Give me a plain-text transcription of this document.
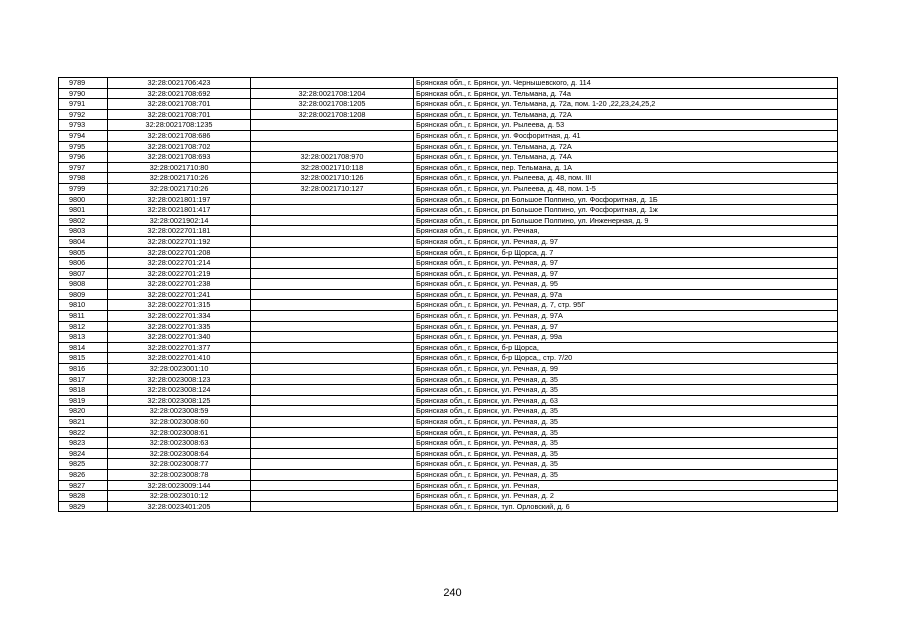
9789	32:28:0021706:423		Брянская обл., г. Брянск, ул. Чернышевского, д. 114
9790	32:28:0021708:692	32:28:0021708:1204	Брянская обл., г. Брянск, ул. Тельмана, д. 74а
9791	32:28:0021708:701	32:28:0021708:1205	Брянская обл., г. Брянск, ул. Тельмана, д. 72а, пом. 1-20 ,22,23,24,25,2
9792	32:28:0021708:701	32:28:0021708:1208	Брянская обл., г. Брянск, ул. Тельмана, д. 72А
9793	32:28:0021708:1235		Брянская обл., г. Брянск, ул. Рылеева, д. 53
9794	32:28:0021708:686		Брянская обл., г. Брянск, ул. Фосфоритная, д. 41
9795	32:28:0021708:702		Брянская обл., г. Брянск, ул. Тельмана, д. 72А
9796	32:28:0021708:693	32:28:0021708:970	Брянская обл., г. Брянск, ул. Тельмана, д. 74А
9797	32:28:0021710:80	32:28:0021710:118	Брянская обл., г. Брянск, пер. Тельмана, д. 1А
9798	32:28:0021710:26	32:28:0021710:126	Брянская обл., г. Брянск, ул. Рылеева, д. 48, пом. III
9799	32:28:0021710:26	32:28:0021710:127	Брянская обл., г. Брянск, ул. Рылеева, д. 48, пом. 1-5
9800	32:28:0021801:197		Брянская обл., г. Брянск, рп Большое Полпино, ул. Фосфоритная, д. 1Б
9801	32:28:0021801:417		Брянская обл., г. Брянск, рп Большое Полпино, ул. Фосфоритная, д. 1ж
9802	32:28:0021902:14		Брянская обл., г. Брянск, рп Большое Полпино, ул. Инженерная, д. 9
9803	32:28:0022701:181		Брянская обл., г. Брянск, ул. Речная,
9804	32:28:0022701:192		Брянская обл., г. Брянск, ул. Речная, д. 97
9805	32:28:0022701:208		Брянская обл., г. Брянск, б-р Щорса, д. 7
9806	32:28:0022701:214		Брянская обл., г. Брянск, ул. Речная, д. 97
9807	32:28:0022701:219		Брянская обл., г. Брянск, ул. Речная, д. 97
9808	32:28:0022701:238		Брянская обл., г. Брянск, ул. Речная, д. 95
9809	32:28:0022701:241		Брянская обл., г. Брянск, ул. Речная, д. 97а
9810	32:28:0022701:315		Брянская обл., г. Брянск, ул. Речная, д. 7, стр. 95Г
9811	32:28:0022701:334		Брянская обл., г. Брянск, ул. Речная, д. 97А
9812	32:28:0022701:335		Брянская обл., г. Брянск, ул. Речная, д. 97
9813	32:28:0022701:340		Брянская обл., г. Брянск, ул. Речная, д. 99а
9814	32:28:0022701:377		Брянская обл., г. Брянск, б-р Щорса,
9815	32:28:0022701:410		Брянская обл., г. Брянск, б-р Щорса,, стр. 7/20
9816	32:28:0023001:10		Брянская обл., г. Брянск, ул. Речная, д. 99
9817	32:28:0023008:123		Брянская обл., г. Брянск, ул. Речная, д. 35
9818	32:28:0023008:124		Брянская обл., г. Брянск, ул. Речная, д. 35
9819	32:28:0023008:125		Брянская обл., г. Брянск, ул. Речная, д. 63
9820	32:28:0023008:59		Брянская обл., г. Брянск, ул. Речная, д. 35
9821	32:28:0023008:60		Брянская обл., г. Брянск, ул. Речная, д. 35
9822	32:28:0023008:61		Брянская обл., г. Брянск, ул. Речная, д. 35
9823	32:28:0023008:63		Брянская обл., г. Брянск, ул. Речная, д. 35
9824	32:28:0023008:64		Брянская обл., г. Брянск, ул. Речная, д. 35
9825	32:28:0023008:77		Брянская обл., г. Брянск, ул. Речная, д. 35
9826	32:28:0023008:78		Брянская обл., г. Брянск, ул. Речная, д. 35
9827	32:28:0023009:144		Брянская обл., г. Брянск, ул. Речная,
9828	32:28:0023010:12		Брянская обл., г. Брянск, ул. Речная, д. 2
9829	32:28:0023401:205		Брянская обл., г. Брянск, туп. Орловский, д. 6
240
